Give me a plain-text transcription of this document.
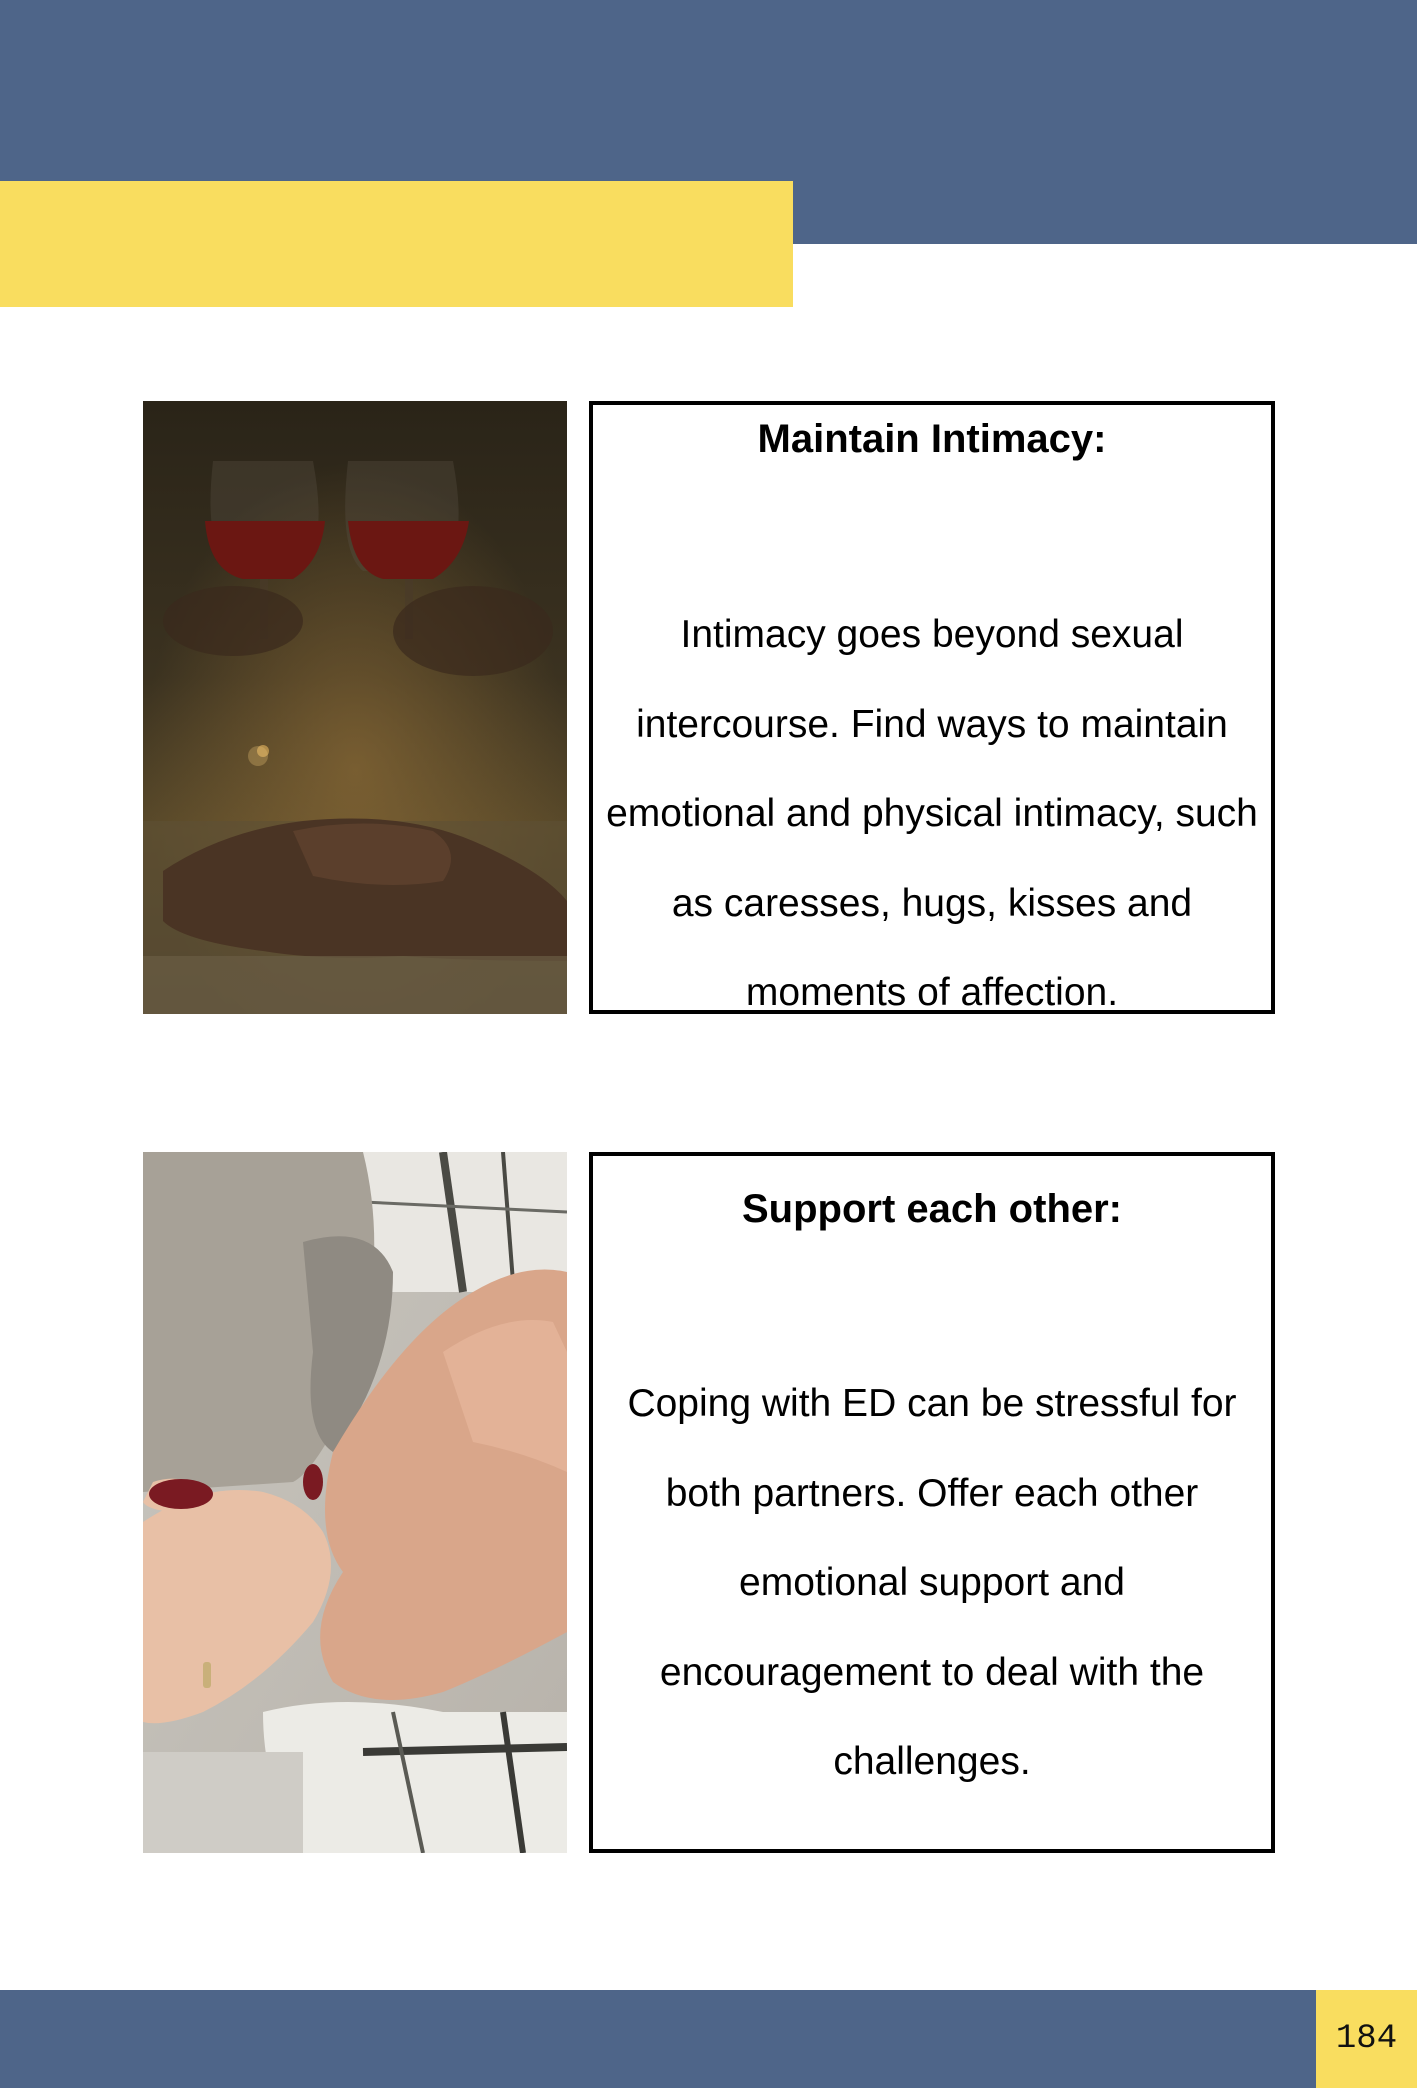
Maintain Intimacy:

Intimacy goes beyond sexual intercourse. Find ways to maintain emotional and physical intimacy, such as caresses, hugs, kisses and moments of affection.

Support each other:

Coping with ED can be stressful for both partners. Offer each other emotional support and encouragement to deal with the challenges.

184
